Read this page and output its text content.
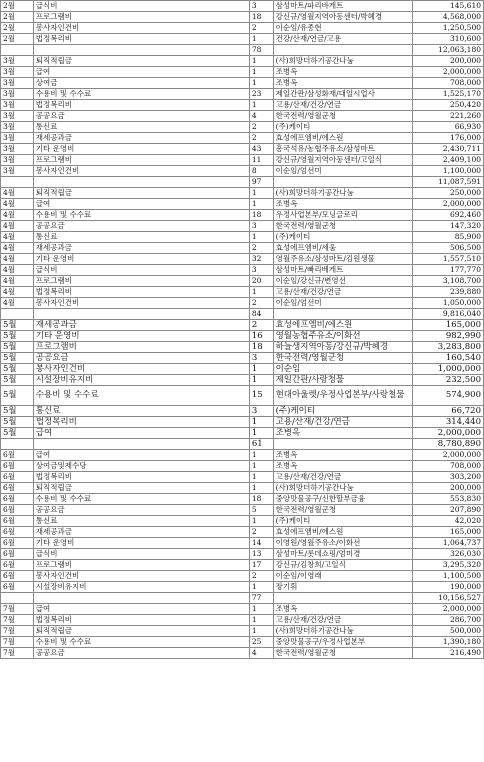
2월	급식비	3	삼성마트/파리바게트	145,610
2월	프로그램비	18	강신규/영월지역아동센터/박혜경	4,568,000
2월	봉사자인건비	2	이순임/유종현	1,250,500
2월	법정복리비	1	건강/산재/연금/고용	310,600
		78		12,063,180
3월	퇴직적립금	1	(사)희망더하기공간나눔	200,000
3월	급여	1	조병옥	2,000,000
3월	상여금	1	조병옥	708,000
3월	수용비 및 수수료	23	제일간판/삼성화재/대일시업사	1,525,170
3월	법정복리비	1	고용/산재/건강/연금	250,420
3월	공공요금	4	한국전력/영월군청	221,260
3월	통신료	2	(주)케이티	66,930
3월	재세공과금	2	효성에프엠비/에스원	176,000
3월	기타 운영비	43	흥국석유/농협주유소/삼성마트	2,430,711
3월	프로그램비	11	강신규/영월지역아동센터/고일식	2,409,100
3월	봉사자인건비	8	이순임/엄선미	1,100,000
		97		11,087,591
4월	퇴직적립금	1	(사)희망더하기공간나눔	250,000
4월	급여	1	조병옥	2,000,000
4월	수용비 및 수수료	18	우정사업본부/모닝글로리	692,460
4월	공공요금	3	한국전력/영월군청	147,320
4월	통신료	1	(주)케이티	85,900
4월	재세공과금	2	효성에프엠비/세움	506,500
4월	기타 운영비	32	영월주유소/삼성마트/김원생물	1,557,510
4월	급식비	3	삼성마트/빠리베게트	177,770
4월	프로그램비	20	이순임/강신규/변영선	3,108,700
4월	법정복리비	1	고용/산재/건강/연금	239,880
4월	봉사자인건비	2	이순임/엄선미	1,050,000
		84		9,816,040
5월	재세공과금	2	효성에프엠비/에스원	165,000
5월	기타 운영비	16	영월농협주유소/이화선	982,990
5월	프로그램비	18	하늘생지역아동/강신규/박혜경	3,283,800
5월	공공요금	3	한국전력/영월군청	160,540
5월	봉사자인건비	1	이순임	1,000,000
5월	시설장비유지비	1	제일간판/사랑청물	232,500
5월	수용비 및 수수료	15	현대아울렛/우정사업본부/사랑철물	574,900
5월	통신료	3	(주)케이티	66,720
5월	법정복리비	1	고용/산재/건강/연금	314,440
5월	급여	1	조병옥	2,000,000
		61		8,780,890
6월	급여	1	조병옥	2,000,000
6월	상여금및제수당	1	조병옥	708,000
6월	법정복리비	1	고용/산재/건강/연금	303,200
6월	퇴직적립금	1	(사)희망더하기공간나눔	200,000
6월	수용비 및 수수료	18	중앙맛물공구/신한할부금융	553,830
6월	공공요금	5	한국전력/영월군청	207,890
6월	통신료	1	(주)케이티	42,020
6월	재세공과금	2	효성에프엠비/에스원	165,000
6월	기타 운영비	14	이영원/영월주유소/이화선	1,064,737
6월	급식비	13	삼성마트/롯데쇼핑/엄미경	326,030
6월	프로그램비	17	강신규/김창희/고일식	3,295,320
6월	봉사자인건비	2	이순임/이영래	1,100,500
6월	시설장비유지비	1	장기휘	190,000
		77		10,156,527
7월	급여	1	조병옥	2,000,000
7월	법정복리비	1	고용/산재/건강/연금	286,700
7월	퇴직적립금	1	(사)희망더하기공간나눔	500,000
7월	수용비 및 수수료	25	중앙맛물공구/우정사업본부	1,390,180
7월	공공요금	4	한국전력/영월군청	216,490
